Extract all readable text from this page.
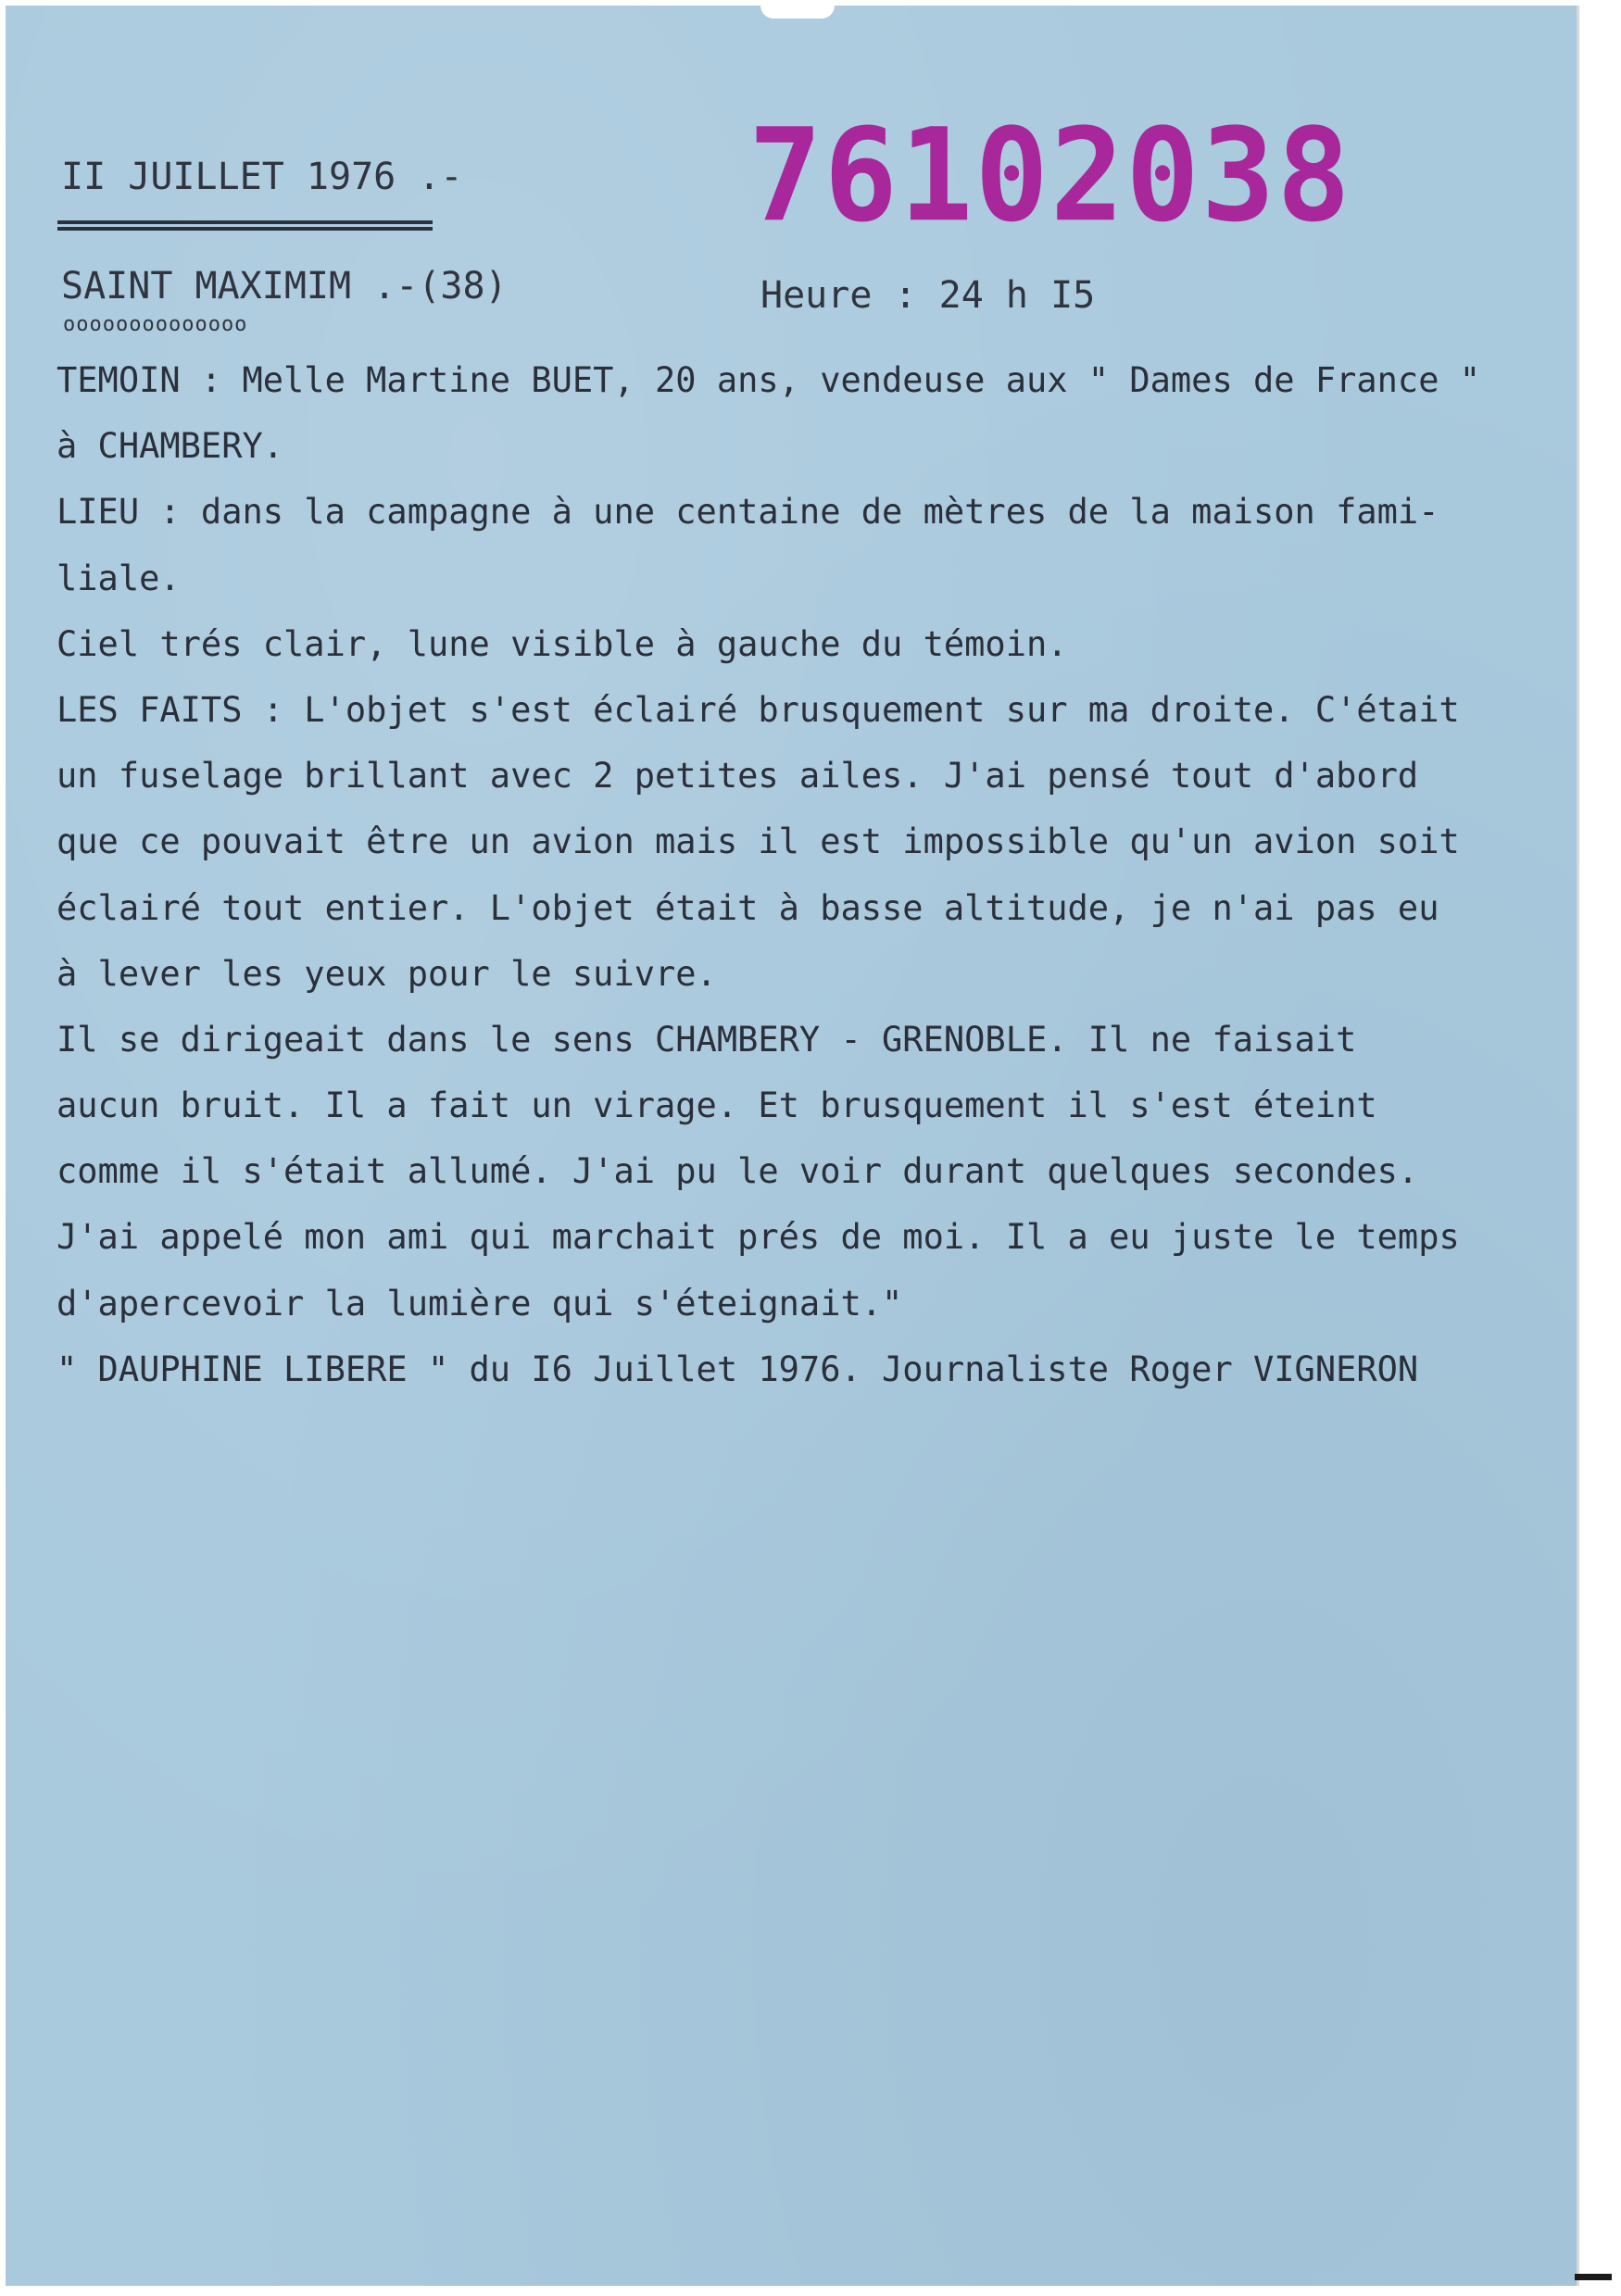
II JUILLET 1976 .- 76102038
SAINT MAXIMIM .-(38)	Heure : 24 h I5
oooooooooooooo
TEMOIN : Melle Martine BUET, 20 ans, vendeuse aux " Dames de France "
à CHAMBERY.
LIEU : dans la campagne à une centaine de mètres de la maison fami-
liale.
Ciel trés clair, lune visible à gauche du témoin.
LES FAITS : L'objet s'est éclairé brusquement sur ma droite. C'était
un fuselage brillant avec 2 petites ailes. J'ai pensé tout d'abord
que ce pouvait être un avion mais il est impossible qu'un avion soit
éclairé tout entier. L'objet était à basse altitude, je n'ai pas eu
à lever les yeux pour le suivre.
Il se dirigeait dans le sens CHAMBERY - GRENOBLE. Il ne faisait
aucun bruit. Il a fait un virage. Et brusquement il s'est éteint
comme il s'était allumé. J'ai pu le voir durant quelques secondes.
J'ai appelé mon ami qui marchait prés de moi. Il a eu juste le temps
d'apercevoir la lumière qui s'éteignait."
" DAUPHINE LIBERE " du I6 Juillet 1976. Journaliste Roger VIGNERON
